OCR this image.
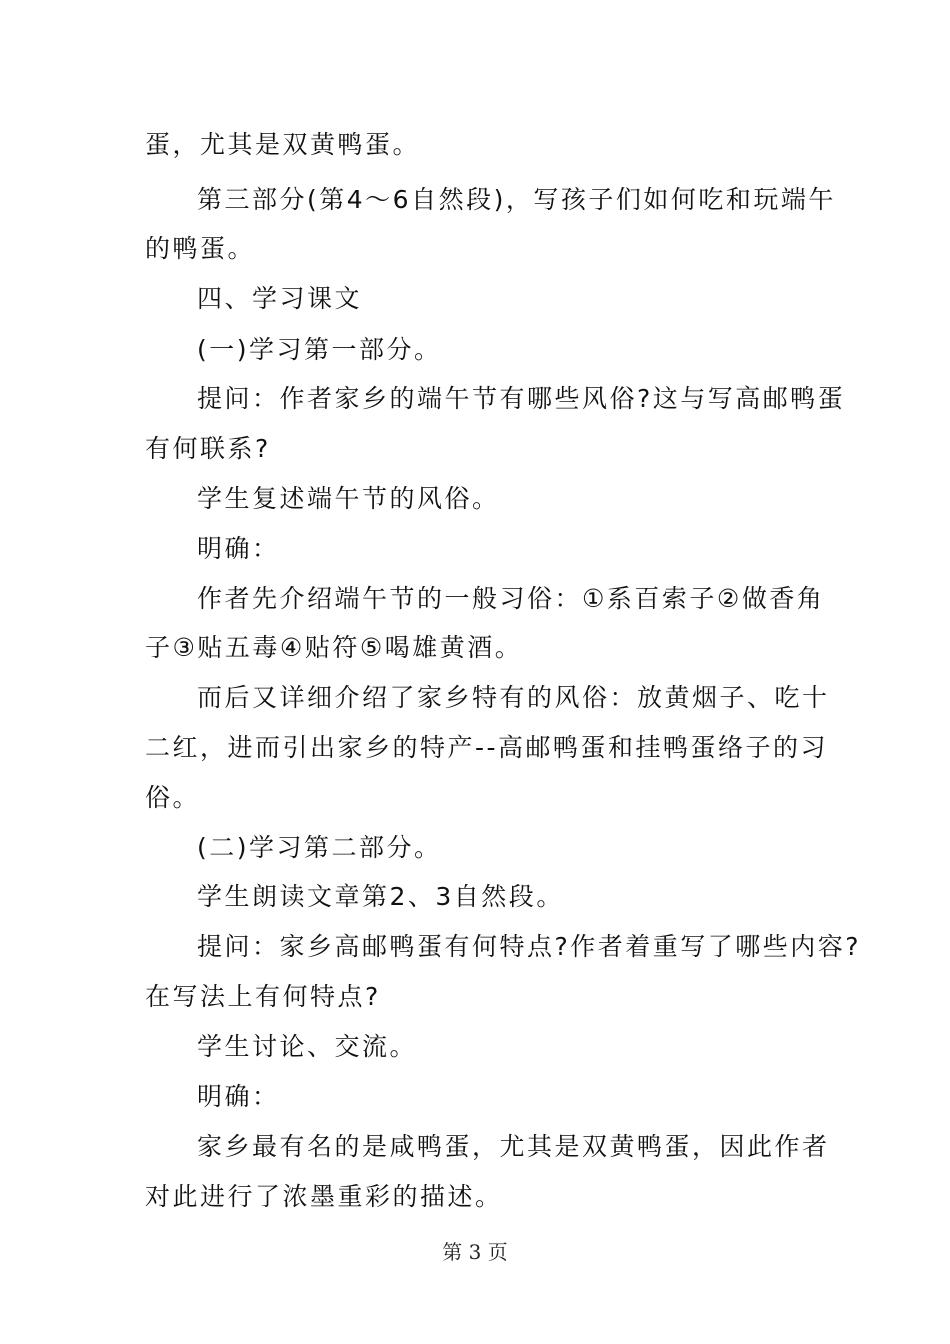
蛋，尤其是双黄鸭蛋。
第三部分(第4～6自然段)，写孩子们如何吃和玩端午
的鸭蛋。
四、学习课文
(一)学习第一部分。
提问：作者家乡的端午节有哪些风俗?这与写高邮鸭蛋
有何联系?
学生复述端午节的风俗。
明确：
作者先介绍端午节的一般习俗：①系百索子②做香角
子③贴五毒④贴符⑤喝雄黄酒。
而后又详细介绍了家乡特有的风俗：放黄烟子、吃十
二红，进而引出家乡的特产--高邮鸭蛋和挂鸭蛋络子的习
俗。
(二)学习第二部分。
学生朗读文章第2、3自然段。
提问：家乡高邮鸭蛋有何特点?作者着重写了哪些内容?
在写法上有何特点?
学生讨论、交流。
明确：
家乡最有名的是咸鸭蛋，尤其是双黄鸭蛋，因此作者
对此进行了浓墨重彩的描述。
第 3 页
